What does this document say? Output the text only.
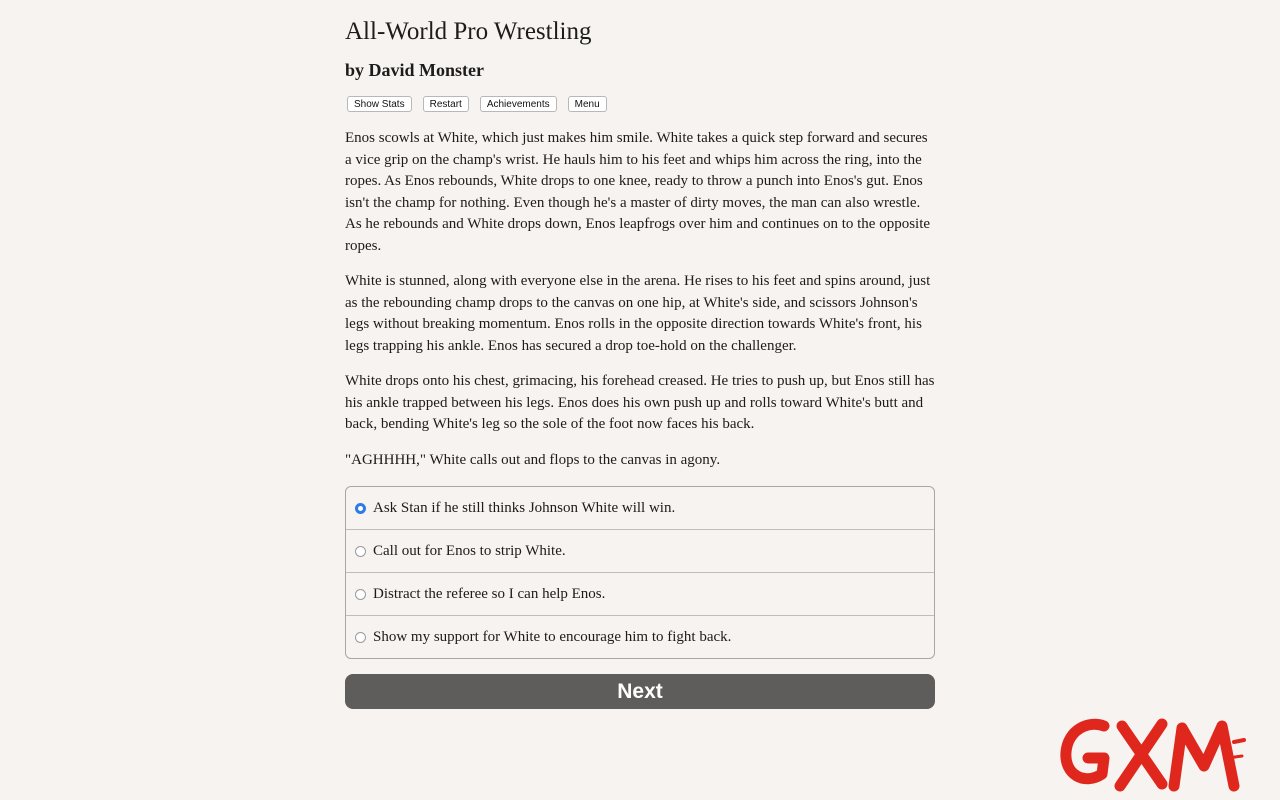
All-World Pro Wrestling
by David Monster
Show Stats	Restart	Achievements	Menu

Enos scowls at White, which just makes him smile. White takes a quick step forward and secures a vice grip on the champ's wrist. He hauls him to his feet and whips him across the ring, into the ropes. As Enos rebounds, White drops to one knee, ready to throw a punch into Enos's gut. Enos isn't the champ for nothing. Even though he's a master of dirty moves, the man can also wrestle. As he rebounds and White drops down, Enos leapfrogs over him and continues on to the opposite ropes.

White is stunned, along with everyone else in the arena. He rises to his feet and spins around, just as the rebounding champ drops to the canvas on one hip, at White's side, and scissors Johnson's legs without breaking momentum. Enos rolls in the opposite direction towards White's front, his legs trapping his ankle. Enos has secured a drop toe-hold on the challenger.

White drops onto his chest, grimacing, his forehead creased. He tries to push up, but Enos still has his ankle trapped between his legs. Enos does his own push up and rolls toward White's butt and back, bending White's leg so the sole of the foot now faces his back.

"AGHHHH," White calls out and flops to the canvas in agony.

Ask Stan if he still thinks Johnson White will win.
Call out for Enos to strip White.
Distract the referee so I can help Enos.
Show my support for White to encourage him to fight back.
Next
